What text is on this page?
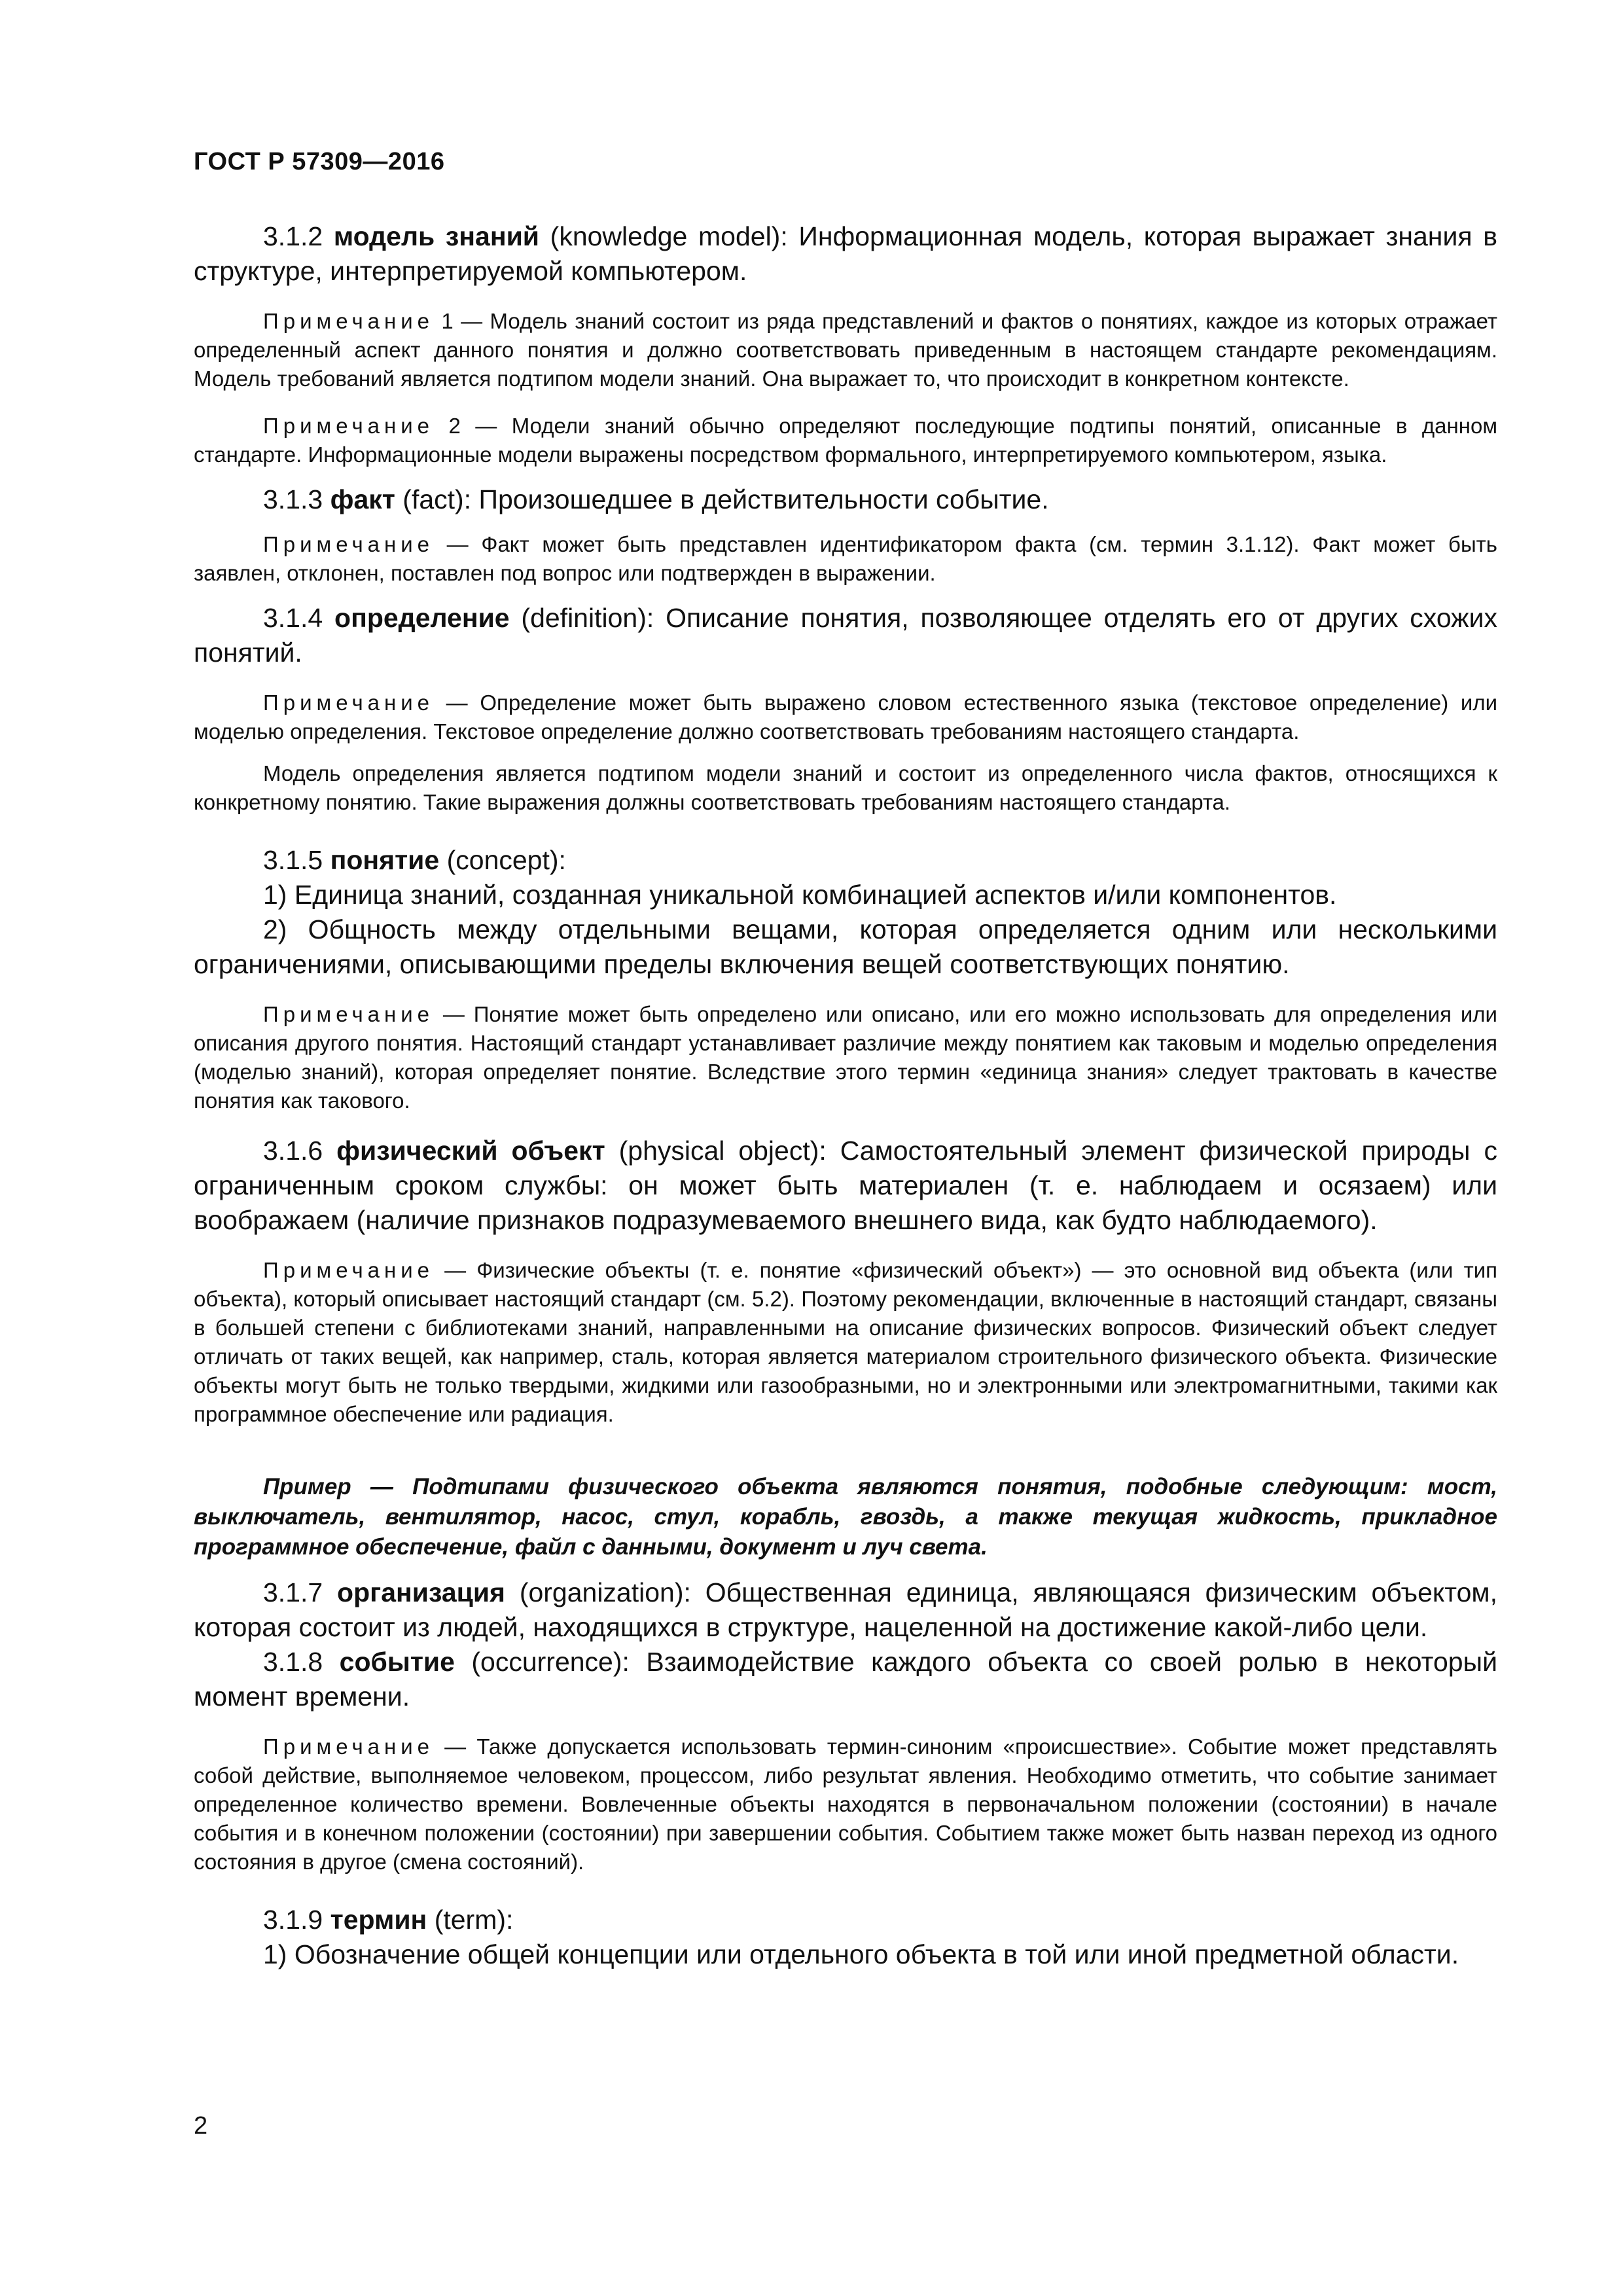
ГОСТ Р 57309—2016

3.1.2 модель знаний (knowledge model): Информационная модель, которая выражает знания в структуре, интерпретируемой компьютером.

Примечание 1 — Модель знаний состоит из ряда представлений и фактов о понятиях, каждое из которых отражает определенный аспект данного понятия и должно соответствовать приведенным в настоящем стандарте рекомендациям. Модель требований является подтипом модели знаний. Она выражает то, что происходит в конкретном контексте.

Примечание 2 — Модели знаний обычно определяют последующие подтипы понятий, описанные в данном стандарте. Информационные модели выражены посредством формального, интерпретируемого компьютером, языка.

3.1.3 факт (fact): Произошедшее в действительности событие.

Примечание — Факт может быть представлен идентификатором факта (см. термин 3.1.12). Факт может быть заявлен, отклонен, поставлен под вопрос или подтвержден в выражении.

3.1.4 определение (definition): Описание понятия, позволяющее отделять его от других схожих понятий.

Примечание — Определение может быть выражено словом естественного языка (текстовое определение) или моделью определения. Текстовое определение должно соответствовать требованиям настоящего стандарта.

Модель определения является подтипом модели знаний и состоит из определенного числа фактов, относящихся к конкретному понятию. Такие выражения должны соответствовать требованиям настоящего стандарта.

3.1.5 понятие (concept):

1) Единица знаний, созданная уникальной комбинацией аспектов и/или компонентов.

2) Общность между отдельными вещами, которая определяется одним или несколькими ограничениями, описывающими пределы включения вещей соответствующих понятию.

Примечание — Понятие может быть определено или описано, или его можно использовать для определения или описания другого понятия. Настоящий стандарт устанавливает различие между понятием как таковым и моделью определения (моделью знаний), которая определяет понятие. Вследствие этого термин «единица знания» следует трактовать в качестве понятия как такового.

3.1.6 физический объект (physical object): Самостоятельный элемент физической природы с ограниченным сроком службы: он может быть материален (т. е. наблюдаем и осязаем) или воображаем (наличие признаков подразумеваемого внешнего вида, как будто наблюдаемого).

Примечание — Физические объекты (т. е. понятие «физический объект») — это основной вид объекта (или тип объекта), который описывает настоящий стандарт (см. 5.2). Поэтому рекомендации, включенные в настоящий стандарт, связаны в большей степени с библиотеками знаний, направленными на описание физических вопросов. Физический объект следует отличать от таких вещей, как например, сталь, которая является материалом строительного физического объекта. Физические объекты могут быть не только твердыми, жидкими или газообразными, но и электронными или электромагнитными, такими как программное обеспечение или радиация.

Пример — Подтипами физического объекта являются понятия, подобные следующим: мост, выключатель, вентилятор, насос, стул, корабль, гвоздь, а также текущая жидкость, прикладное программное обеспечение, файл с данными, документ и луч света.

3.1.7 организация (organization): Общественная единица, являющаяся физическим объектом, которая состоит из людей, находящихся в структуре, нацеленной на достижение какой-либо цели.

3.1.8 событие (occurrence): Взаимодействие каждого объекта со своей ролью в некоторый момент времени.

Примечание — Также допускается использовать термин-синоним «происшествие». Событие может представлять собой действие, выполняемое человеком, процессом, либо результат явления. Необходимо отметить, что событие занимает определенное количество времени. Вовлеченные объекты находятся в первоначальном положении (состоянии) в начале события и в конечном положении (состоянии) при завершении события. Событием также может быть назван переход из одного состояния в другое (смена состояний).

3.1.9 термин (term):

1) Обозначение общей концепции или отдельного объекта в той или иной предметной области.

2
